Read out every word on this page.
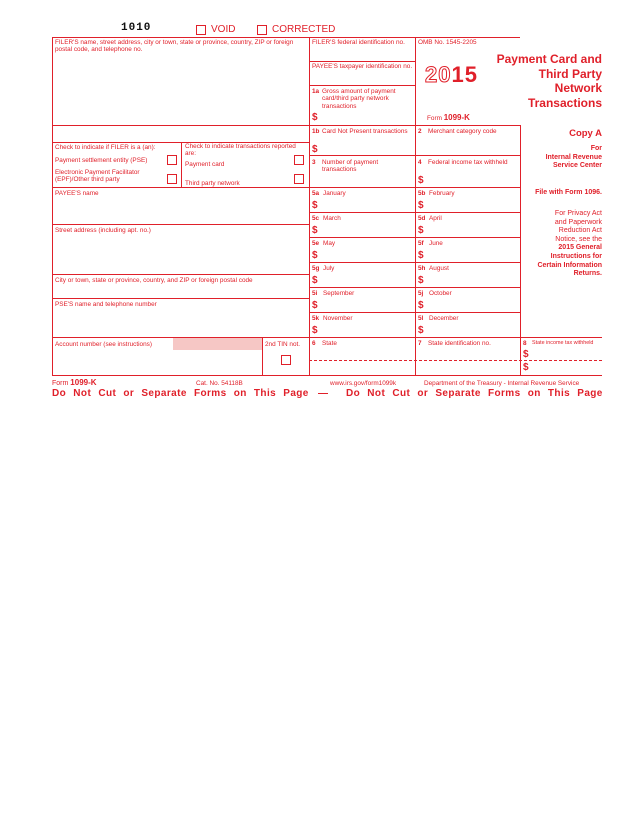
1010	VOID	CORRECTED
FILER'S name, street address, city or town, state or province, country, ZIP or foreign postal code, and telephone no.
FILER'S federal identification no.
PAYEE'S taxpayer identification no.
Check to indicate if FILER is a (an):
Payment settlement entity (PSE)
Electronic Payment Facilitator (EPF)/Other third party
Check to indicate transactions reported are:
Payment card
Third party network
1a Gross amount of payment card/third party network transactions
$
OMB No. 1545-2205
2015
Form 1099-K
Payment Card and
Third Party
Network
Transactions
1b Card Not Present transactions
$
2 Merchant category code
3 Number of payment transactions
4 Federal income tax withheld
$
Copy A
For
Internal Revenue
Service Center
File with Form 1096.
For Privacy Act
and Paperwork
Reduction Act
Notice, see the
2015 General
Instructions for
Certain Information
Returns.
PAYEE'S name
Street address (including apt. no.)
City or town, state or province, country, and ZIP or foreign postal code
PSE'S name and telephone number
Account number (see instructions)	2nd TIN not.
5a January
$
5b February
$
5c March
$
5d April
$
5e May
$
5f June
$
5g July
$
5h August
$
5i September
$
5j October
$
5k November
$
5l December
$
6 State	7 State identification no.	8 State income tax withheld
$
$
Form 1099-K	Cat. No. 54118B	www.irs.gov/form1099k	Department of the Treasury - Internal Revenue Service
Do Not Cut or Separate Forms on This Page — Do Not Cut or Separate Forms on This Page
